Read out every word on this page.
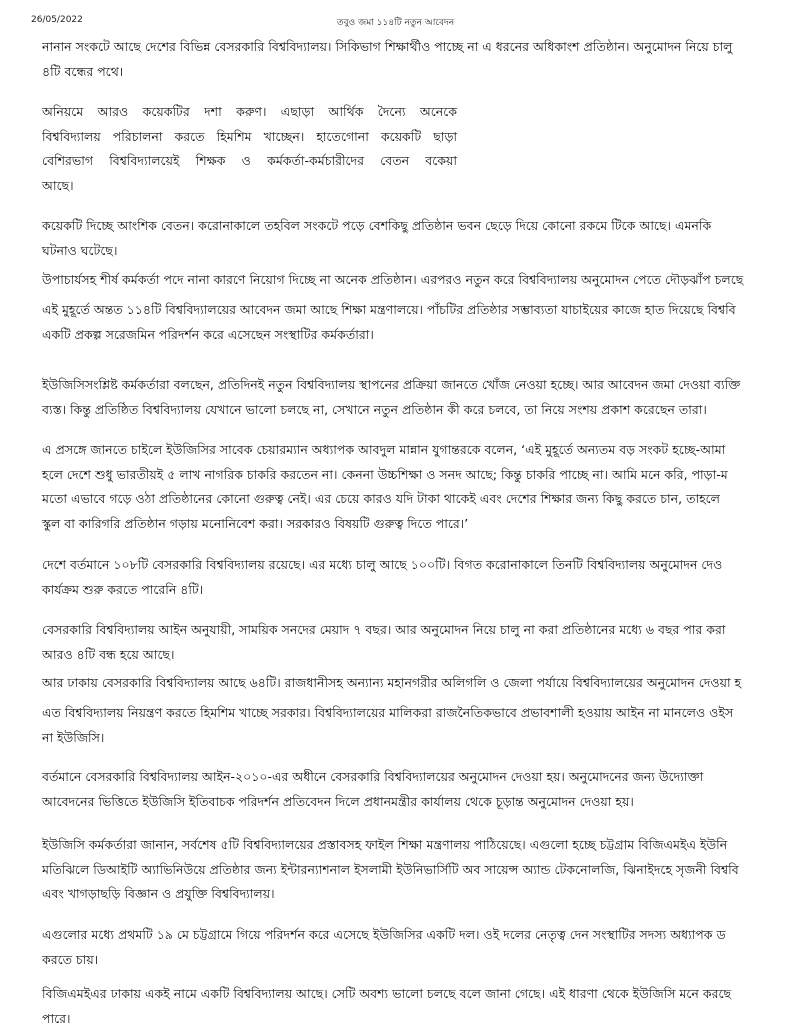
26/05/2022	তবুও জমা ১১৪টি নতুন আবেদন
নানান সংকটে আছে দেশের বিভিন্ন বেসরকারি বিশ্ববিদ্যালয়। সিকিভাগ শিক্ষার্থীও পাচ্ছে না এ ধরনের অধিকাংশ প্রতিষ্ঠান। অনুমোদন নিয়ে চালু
৪টি বন্ধের পথে।
অনিয়মে আরও কয়েকটির দশা করুণ। এছাড়া আর্থিক দৈন্যে অনেকে
বিশ্ববিদ্যালয় পরিচালনা করতে হিমশিম খাচ্ছেন। হাতেগোনা কয়েকটি ছাড়া
বেশিরভাগ বিশ্ববিদ্যালয়েই শিক্ষক ও কর্মকর্তা-কর্মচারীদের বেতন বকেয়া
আছে।
কয়েকটি দিচ্ছে আংশিক বেতন। করোনাকালে তহবিল সংকটে পড়ে বেশকিছু প্রতিষ্ঠান ভবন ছেড়ে দিয়ে কোনো রকমে টিকে আছে। এমনকি
ঘটনাও ঘটেছে।
উপাচার্যসহ শীর্ষ কর্মকর্তা পদে নানা কারণে নিয়োগ দিচ্ছে না অনেক প্রতিষ্ঠান। এরপরও নতুন করে বিশ্ববিদ্যালয় অনুমোদন পেতে দৌড়ঝাঁপ চলছে
এই মুহূর্তে অন্তত ১১৪টি বিশ্ববিদ্যালয়ের আবেদন জমা আছে শিক্ষা মন্ত্রণালয়ে। পাঁচটির প্রতিষ্ঠার সম্ভাব্যতা যাচাইয়ের কাজে হাত দিয়েছে বিশ্ববি
একটি প্রকল্প সরেজমিন পরিদর্শন করে এসেছেন সংস্থাটির কর্মকর্তারা।
ইউজিসিসংশ্লিষ্ট কর্মকর্তারা বলছেন, প্রতিদিনই নতুন বিশ্ববিদ্যালয় স্থাপনের প্রক্রিয়া জানতে খোঁজ নেওয়া হচ্ছে। আর আবেদন জমা দেওয়া ব্যক্তি
ব্যস্ত। কিন্তু প্রতিষ্ঠিত বিশ্ববিদ্যালয় যেখানে ভালো চলছে না, সেখানে নতুন প্রতিষ্ঠান কী করে চলবে, তা নিয়ে সংশয় প্রকাশ করেছেন তারা।
এ প্রসঙ্গে জানতে চাইলে ইউজিসির সাবেক চেয়ারম্যান অধ্যাপক আবদুল মান্নান যুগান্তরকে বলেন, ‘এই মুহূর্তে অন্যতম বড় সংকট হচ্ছে-আমা
হলে দেশে শুধু ভারতীয়ই ৫ লাখ নাগরিক চাকরি করতেন না। কেননা উচ্চশিক্ষা ও সনদ আছে; কিন্তু চাকরি পাচ্ছে না। আমি মনে করি, পাড়া-ম
মতো এভাবে গড়ে ওঠা প্রতিষ্ঠানের কোনো গুরুত্ব নেই। এর চেয়ে কারও যদি টাকা থাকেই এবং দেশের শিক্ষার জন্য কিছু করতে চান, তাহলে
স্কুল বা কারিগরি প্রতিষ্ঠান গড়ায় মনোনিবেশ করা। সরকারও বিষয়টি গুরুত্ব দিতে পারে।’
দেশে বর্তমানে ১০৮টি বেসরকারি বিশ্ববিদ্যালয় রয়েছে। এর মধ্যে চালু আছে ১০০টি। বিগত করোনাকালে তিনটি বিশ্ববিদ্যালয় অনুমোদন দেও
কার্যক্রম শুরু করতে পারেনি ৪টি।
বেসরকারি বিশ্ববিদ্যালয় আইন অনুযায়ী, সাময়িক সনদের মেয়াদ ৭ বছর। আর অনুমোদন নিয়ে চালু না করা প্রতিষ্ঠানের মধ্যে ৬ বছর পার করা
আরও ৪টি বন্ধ হয়ে আছে।
আর ঢাকায় বেসরকারি বিশ্ববিদ্যালয় আছে ৬৪টি। রাজধানীসহ অন্যান্য মহানগরীর অলিগলি ও জেলা পর্যায়ে বিশ্ববিদ্যালয়ের অনুমোদন দেওয়া হ
এত বিশ্ববিদ্যালয় নিয়ন্ত্রণ করতে হিমশিম খাচ্ছে সরকার। বিশ্ববিদ্যালয়ের মালিকরা রাজনৈতিকভাবে প্রভাবশালী হওয়ায় আইন না মানলেও ওইস
না ইউজিসি।
বর্তমানে বেসরকারি বিশ্ববিদ্যালয় আইন-২০১০-এর অধীনে বেসরকারি বিশ্ববিদ্যালয়ের অনুমোদন দেওয়া হয়। অনুমোদনের জন্য উদ্যোক্তা
আবেদনের ভিত্তিতে ইউজিসি ইতিবাচক পরিদর্শন প্রতিবেদন দিলে প্রধানমন্ত্রীর কার্যালয় থেকে চূড়ান্ত অনুমোদন দেওয়া হয়।
ইউজিসি কর্মকর্তারা জানান, সর্বশেষ ৫টি বিশ্ববিদ্যালয়ের প্রস্তাবসহ ফাইল শিক্ষা মন্ত্রণালয় পাঠিয়েছে। এগুলো হচ্ছে চট্টগ্রাম বিজিএমইএ ইউনি
মতিঝিলে ডিআইটি অ্যাভিনিউয়ে প্রতিষ্ঠার জন্য ইন্টারন্যাশনাল ইসলামী ইউনিভার্সিটি অব সায়েন্স অ্যান্ড টেকনোলজি, ঝিনাইদহে সৃজনী বিশ্ববি
এবং খাগড়াছড়ি বিজ্ঞান ও প্রযুক্তি বিশ্ববিদ্যালয়।
এগুলোর মধ্যে প্রথমটি ১৯ মে চট্টগ্রামে গিয়ে পরিদর্শন করে এসেছে ইউজিসির একটি দল। ওই দলের নেতৃত্ব দেন সংস্থাটির সদস্য অধ্যাপক ড
করতে চায়।
বিজিএমইএর ঢাকায় একই নামে একটি বিশ্ববিদ্যালয় আছে। সেটি অবশ্য ভালো চলছে বলে জানা গেছে। এই ধারণা থেকে ইউজিসি মনে করছে
পারে।
